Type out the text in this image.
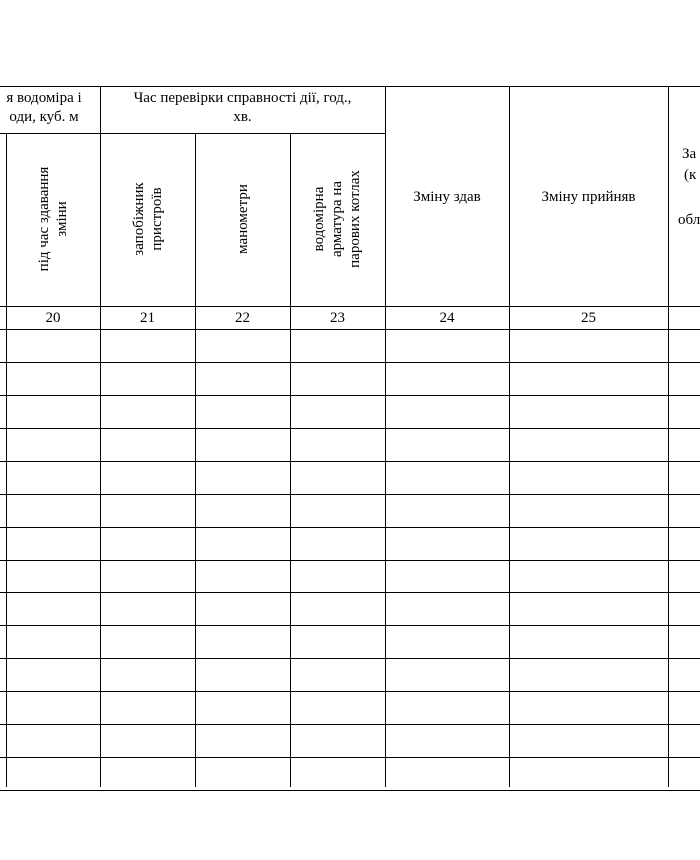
я водоміра і
оди, куб. м
Час перевірки справності дії, год.,
хв.
під час здавання зміни	запобіжник пристроїв	манометри	водомірна арматура на парових котлах	Зміну здав	Зміну прийняв
За
(к
обл
20	21	22	23	24	25
